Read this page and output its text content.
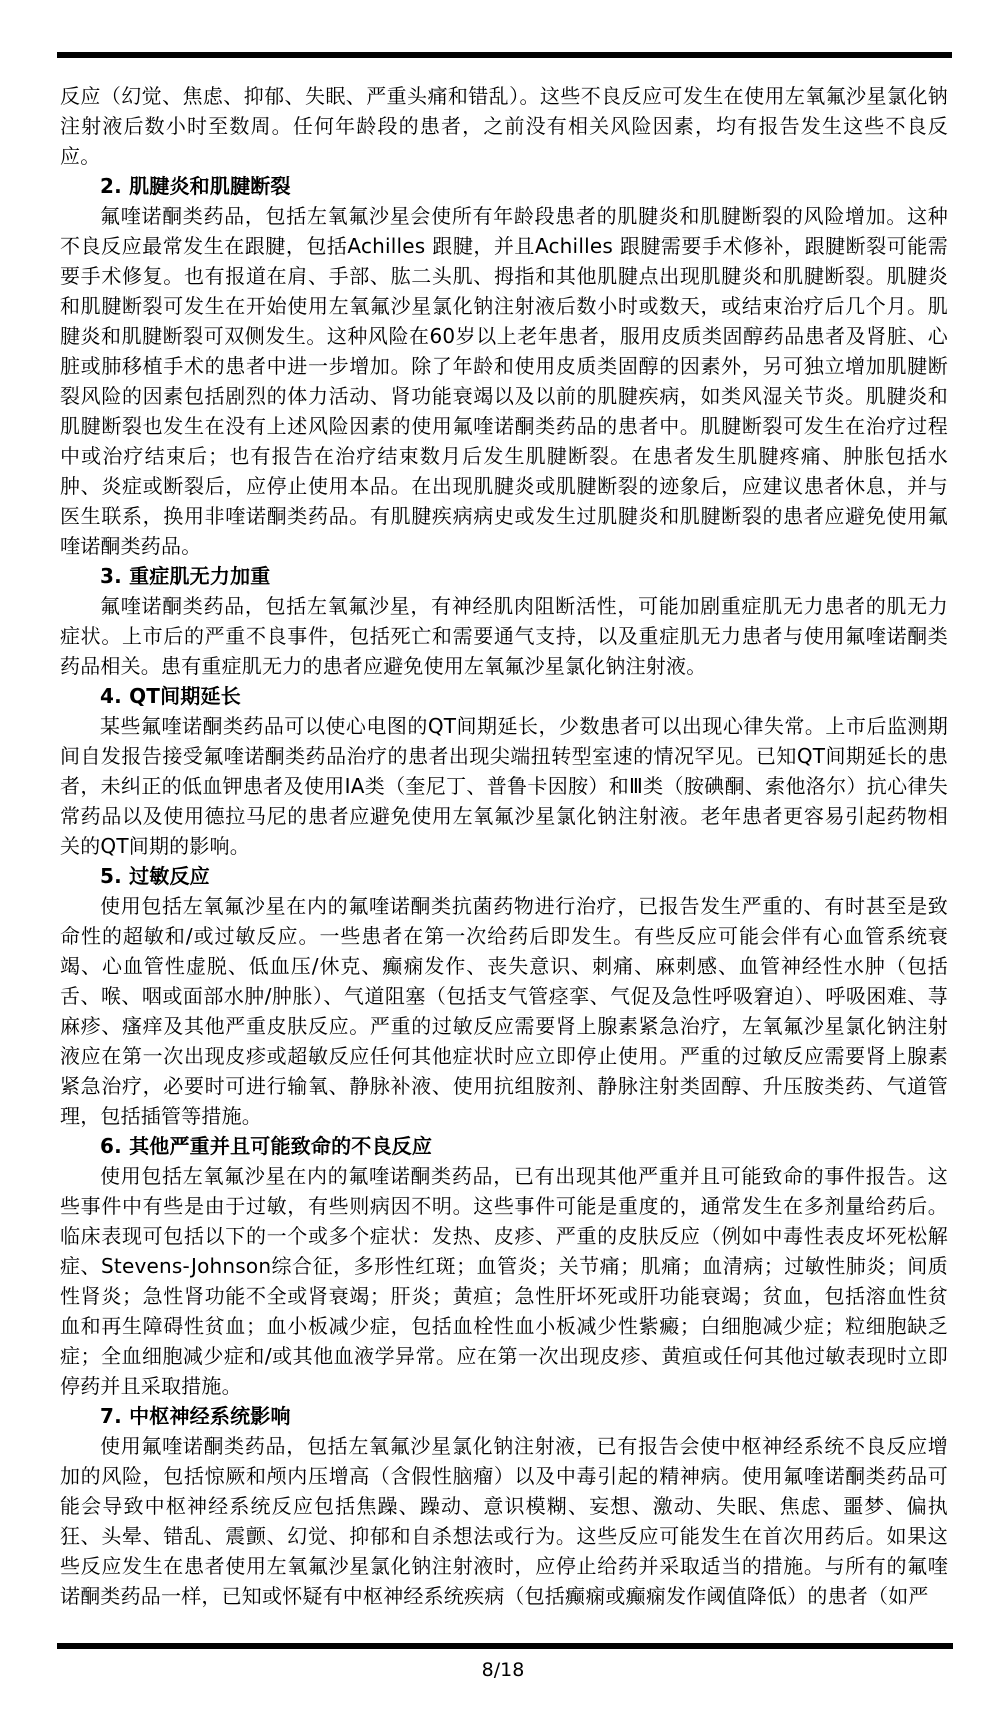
反应（幻觉、焦虑、抑郁、失眠、严重头痛和错乱）。这些不良反应可发生在使用左氧氟沙星氯化钠注射液后数小时至数周。任何年龄段的患者，之前没有相关风险因素，均有报告发生这些不良反应。
2. 肌腱炎和肌腱断裂
氟喹诺酮类药品，包括左氧氟沙星会使所有年龄段患者的肌腱炎和肌腱断裂的风险增加。这种不良反应最常发生在跟腱，包括Achilles 跟腱，并且Achilles 跟腱需要手术修补，跟腱断裂可能需要手术修复。也有报道在肩、手部、肱二头肌、拇指和其他肌腱点出现肌腱炎和肌腱断裂。肌腱炎和肌腱断裂可发生在开始使用左氧氟沙星氯化钠注射液后数小时或数天，或结束治疗后几个月。肌腱炎和肌腱断裂可双侧发生。这种风险在60岁以上老年患者，服用皮质类固醇药品患者及肾脏、心脏或肺移植手术的患者中进一步增加。除了年龄和使用皮质类固醇的因素外，另可独立增加肌腱断裂风险的因素包括剧烈的体力活动、肾功能衰竭以及以前的肌腱疾病，如类风湿关节炎。肌腱炎和肌腱断裂也发生在没有上述风险因素的使用氟喹诺酮类药品的患者中。肌腱断裂可发生在治疗过程中或治疗结束后；也有报告在治疗结束数月后发生肌腱断裂。在患者发生肌腱疼痛、肿胀包括水肿、炎症或断裂后，应停止使用本品。在出现肌腱炎或肌腱断裂的迹象后，应建议患者休息，并与医生联系，换用非喹诺酮类药品。有肌腱疾病病史或发生过肌腱炎和肌腱断裂的患者应避免使用氟喹诺酮类药品。
3. 重症肌无力加重
氟喹诺酮类药品，包括左氧氟沙星，有神经肌肉阻断活性，可能加剧重症肌无力患者的肌无力症状。上市后的严重不良事件，包括死亡和需要通气支持，以及重症肌无力患者与使用氟喹诺酮类药品相关。患有重症肌无力的患者应避免使用左氧氟沙星氯化钠注射液。
4. QT间期延长
某些氟喹诺酮类药品可以使心电图的QT间期延长，少数患者可以出现心律失常。上市后监测期间自发报告接受氟喹诺酮类药品治疗的患者出现尖端扭转型室速的情况罕见。已知QT间期延长的患者，未纠正的低血钾患者及使用IA类（奎尼丁、普鲁卡因胺）和Ⅲ类（胺碘酮、索他洛尔）抗心律失常药品以及使用德拉马尼的患者应避免使用左氧氟沙星氯化钠注射液。老年患者更容易引起药物相关的QT间期的影响。
5. 过敏反应
使用包括左氧氟沙星在内的氟喹诺酮类抗菌药物进行治疗，已报告发生严重的、有时甚至是致命性的超敏和/或过敏反应。一些患者在第一次给药后即发生。有些反应可能会伴有心血管系统衰竭、心血管性虚脱、低血压/休克、癫痫发作、丧失意识、刺痛、麻刺感、血管神经性水肿（包括舌、喉、咽或面部水肿/肿胀）、气道阻塞（包括支气管痉挛、气促及急性呼吸窘迫）、呼吸困难、荨麻疹、瘙痒及其他严重皮肤反应。严重的过敏反应需要肾上腺素紧急治疗，左氧氟沙星氯化钠注射液应在第一次出现皮疹或超敏反应任何其他症状时应立即停止使用。严重的过敏反应需要肾上腺素紧急治疗，必要时可进行输氧、静脉补液、使用抗组胺剂、静脉注射类固醇、升压胺类药、气道管理，包括插管等措施。
6. 其他严重并且可能致命的不良反应
使用包括左氧氟沙星在内的氟喹诺酮类药品，已有出现其他严重并且可能致命的事件报告。这些事件中有些是由于过敏，有些则病因不明。这些事件可能是重度的，通常发生在多剂量给药后。临床表现可包括以下的一个或多个症状：发热、皮疹、严重的皮肤反应（例如中毒性表皮坏死松解症、Stevens-Johnson综合征，多形性红斑；血管炎；关节痛；肌痛；血清病；过敏性肺炎；间质性肾炎；急性肾功能不全或肾衰竭；肝炎；黄疸；急性肝坏死或肝功能衰竭；贫血，包括溶血性贫血和再生障碍性贫血；血小板减少症，包括血栓性血小板减少性紫癜；白细胞减少症；粒细胞缺乏症；全血细胞减少症和/或其他血液学异常。应在第一次出现皮疹、黄疸或任何其他过敏表现时立即停药并且采取措施。
7. 中枢神经系统影响
使用氟喹诺酮类药品，包括左氧氟沙星氯化钠注射液，已有报告会使中枢神经系统不良反应增加的风险，包括惊厥和颅内压增高（含假性脑瘤）以及中毒引起的精神病。使用氟喹诺酮类药品可能会导致中枢神经系统反应包括焦躁、躁动、意识模糊、妄想、激动、失眠、焦虑、噩梦、偏执狂、头晕、错乱、震颤、幻觉、抑郁和自杀想法或行为。这些反应可能发生在首次用药后。如果这些反应发生在患者使用左氧氟沙星氯化钠注射液时，应停止给药并采取适当的措施。与所有的氟喹诺酮类药品一样，已知或怀疑有中枢神经系统疾病（包括癫痫或癫痫发作阈值降低）的患者（如严
8/18
